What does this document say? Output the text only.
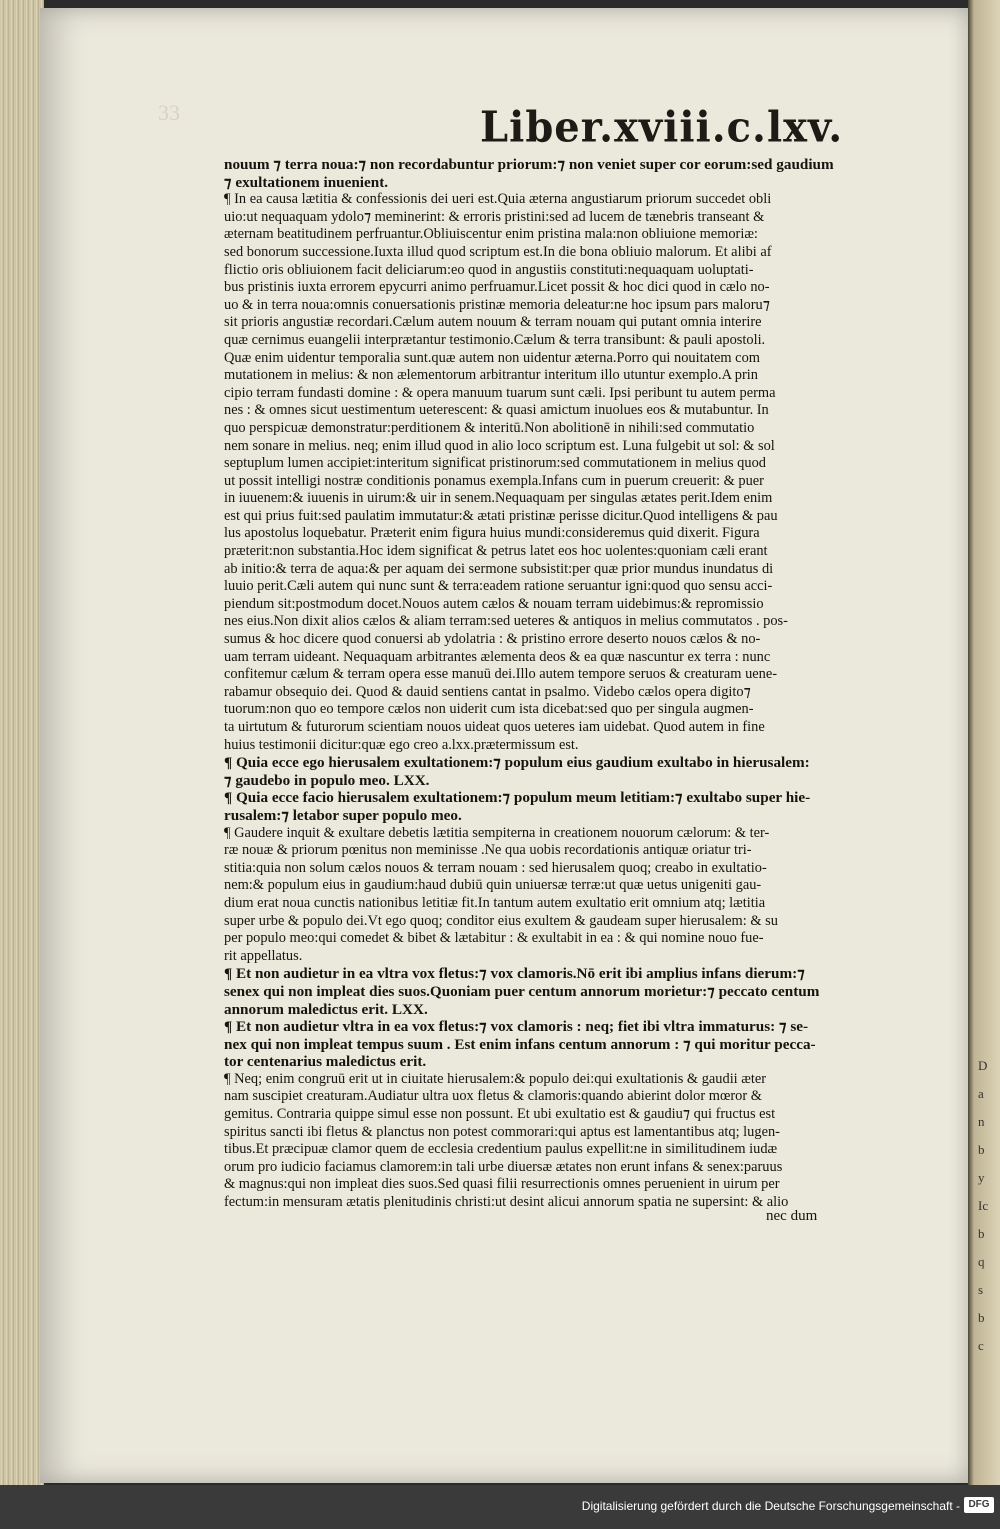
33	Liber.xviii.c.lxv.
nouum ⁊ terra noua:⁊ non recordabuntur priorum:⁊ non veniet super cor eorum:sed gaudium
⁊ exultationem inuenient.
¶ In ea causa lætitia & confessionis dei ueri est.Quia æterna angustiarum priorum succedet obli
uio:ut nequaquam ydolo⁊ meminerint: & erroris pristini:sed ad lucem de tænebris transeant &
æternam beatitudinem perfruantur.Obliuiscentur enim pristina mala:non obliuione memoriæ:
sed bonorum successione.Iuxta illud quod scriptum est.In die bona obliuio malorum. Et alibi af
flictio oris obliuionem facit deliciarum:eo quod in angustiis constituti:nequaquam uoluptati-
bus pristinis iuxta errorem epycurri animo perfruamur.Licet possit & hoc dici quod in cælo no-
uo & in terra noua:omnis conuersationis pristinæ memoria deleatur:ne hoc ipsum pars maloru⁊
sit prioris angustiæ recordari.Cælum autem nouum & terram nouam qui putant omnia interire
quæ cernimus euangelii interprætantur testimonio.Cælum & terra transibunt: & pauli apostoli.
Quæ enim uidentur temporalia sunt.quæ autem non uidentur æterna.Porro qui nouitatem com
mutationem in melius: & non ælementorum arbitrantur interitum illo utuntur exemplo.A prin
cipio terram fundasti domine : & opera manuum tuarum sunt cæli. Ipsi peribunt tu autem perma
nes : & omnes sicut uestimentum ueterescent: & quasi amictum inuolues eos & mutabuntur. In
quo perspicuæ demonstratur:perditionem & interitū.Non abolitionē in nihili:sed commutatio
nem sonare in melius. neq; enim illud quod in alio loco scriptum est. Luna fulgebit ut sol: & sol
septuplum lumen accipiet:interitum significat pristinorum:sed commutationem in melius quod
ut possit intelligi nostræ conditionis ponamus exempla.Infans cum in puerum creuerit: & puer
in iuuenem:& iuuenis in uirum:& uir in senem.Nequaquam per singulas ætates perit.Idem enim
est qui prius fuit:sed paulatim immutatur:& ætati pristinæ perisse dicitur.Quod intelligens & pau
lus apostolus loquebatur. Præterit enim figura huius mundi:consideremus quid dixerit. Figura
præterit:non substantia.Hoc idem significat & petrus latet eos hoc uolentes:quoniam cæli erant
ab initio:& terra de aqua:& per aquam dei sermone subsistit:per quæ prior mundus inundatus di
luuio perit.Cæli autem qui nunc sunt & terra:eadem ratione seruantur igni:quod quo sensu acci-
piendum sit:postmodum docet.Nouos autem cælos & nouam terram uidebimus:& repromissio
nes eius.Non dixit alios cælos & aliam terram:sed ueteres & antiquos in melius commutatos . pos-
sumus & hoc dicere quod conuersi ab ydolatria : & pristino errore deserto nouos cælos & no-
uam terram uideant. Nequaquam arbitrantes ælementa deos & ea quæ nascuntur ex terra : nunc
confitemur cælum & terram opera esse manuū dei.Illo autem tempore seruos & creaturam uene-
rabamur obsequio dei. Quod & dauid sentiens cantat in psalmo. Videbo cælos opera digito⁊
tuorum:non quo eo tempore cælos non uiderit cum ista dicebat:sed quo per singula augmen-
ta uirtutum & futurorum scientiam nouos uideat quos ueteres iam uidebat. Quod autem in fine
huius testimonii dicitur:quæ ego creo a.lxx.prætermissum est.
¶ Quia ecce ego hierusalem exultationem:⁊ populum eius gaudium exultabo in hierusalem:
⁊ gaudebo in populo meo. LXX.
¶ Quia ecce facio hierusalem exultationem:⁊ populum meum letitiam:⁊ exultabo super hie-
rusalem:⁊ letabor super populo meo.
¶ Gaudere inquit & exultare debetis lætitia sempiterna in creationem nouorum cælorum: & ter-
ræ nouæ & priorum pœnitus non meminisse .Ne qua uobis recordationis antiquæ oriatur tri-
stitia:quia non solum cælos nouos & terram nouam : sed hierusalem quoq; creabo in exultatio-
nem:& populum eius in gaudium:haud dubiū quin uniuersæ terræ:ut quæ uetus unigeniti gau-
dium erat noua cunctis nationibus letitiæ fit.In tantum autem exultatio erit omnium atq; lætitia
super urbe & populo dei.Vt ego quoq; conditor eius exultem & gaudeam super hierusalem: & su
per populo meo:qui comedet & bibet & lætabitur : & exultabit in ea : & qui nomine nouo fue-
rit appellatus.
¶ Et non audietur in ea vltra vox fletus:⁊ vox clamoris.Nō erit ibi amplius infans dierum:⁊
senex qui non impleat dies suos.Quoniam puer centum annorum morietur:⁊ peccato centum
annorum maledictus erit. LXX.
¶ Et non audietur vltra in ea vox fletus:⁊ vox clamoris : neq; fiet ibi vltra immaturus: ⁊ se-
nex qui non impleat tempus suum . Est enim infans centum annorum : ⁊ qui moritur pecca-
tor centenarius maledictus erit.
¶ Neq; enim congruū erit ut in ciuitate hierusalem:& populo dei:qui exultationis & gaudii æter
nam suscipiet creaturam.Audiatur ultra uox fletus & clamoris:quando abierint dolor mœror &
gemitus. Contraria quippe simul esse non possunt. Et ubi exultatio est & gaudiu⁊ qui fructus est
spiritus sancti ibi fletus & planctus non potest commorari:qui aptus est lamentantibus atq; lugen-
tibus.Et præcipuæ clamor quem de ecclesia credentium paulus expellit:ne in similitudinem iudæ
orum pro iudicio faciamus clamorem:in tali urbe diuersæ ætates non erunt infans & senex:paruus
& magnus:qui non impleat dies suos.Sed quasi filii resurrectionis omnes peruenient in uirum per
fectum:in mensuram ætatis plenitudinis christi:ut desint alicui annorum spatia ne supersint: & alio
nec dum
D
a
n
b
y
Ic
b
q
s
b
c
Digitalisierung gefördert durch die Deutsche Forschungsgemeinschaft - DFG
